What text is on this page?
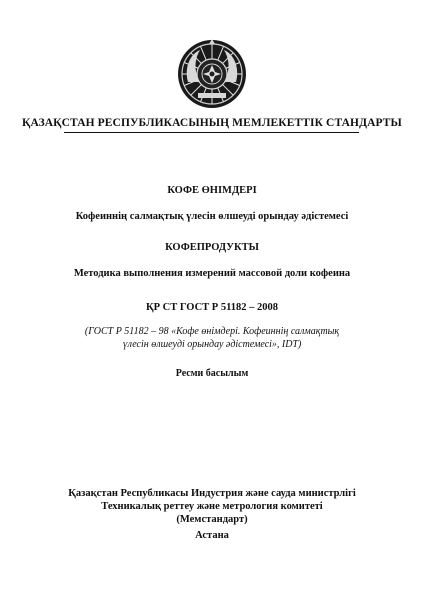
ҚАЗАҚСТАН РЕСПУБЛИКАСЫНЫҢ МЕМЛЕКЕТТІК СТАНДАРТЫ
КОФЕ ӨНІМДЕРІ
Кофеиннің салмақтық үлесін өлшеуді орындау әдістемесі
КОФЕПРОДУКТЫ
Методика выполнения измерений массовой доли кофеина
ҚР СТ ГОСТ Р 51182 – 2008
(ГОСТ Р 51182 – 98 «Кофе өнімдері. Кофеиннің салмақтық
үлесін өлшеуді орындау әдістемесі», IDT)
Ресми басылым
Қазақстан Республикасы Индустрия және сауда министрлігі
Техникалық реттеу және метрология комитеті
(Мемстандарт)
Астана
